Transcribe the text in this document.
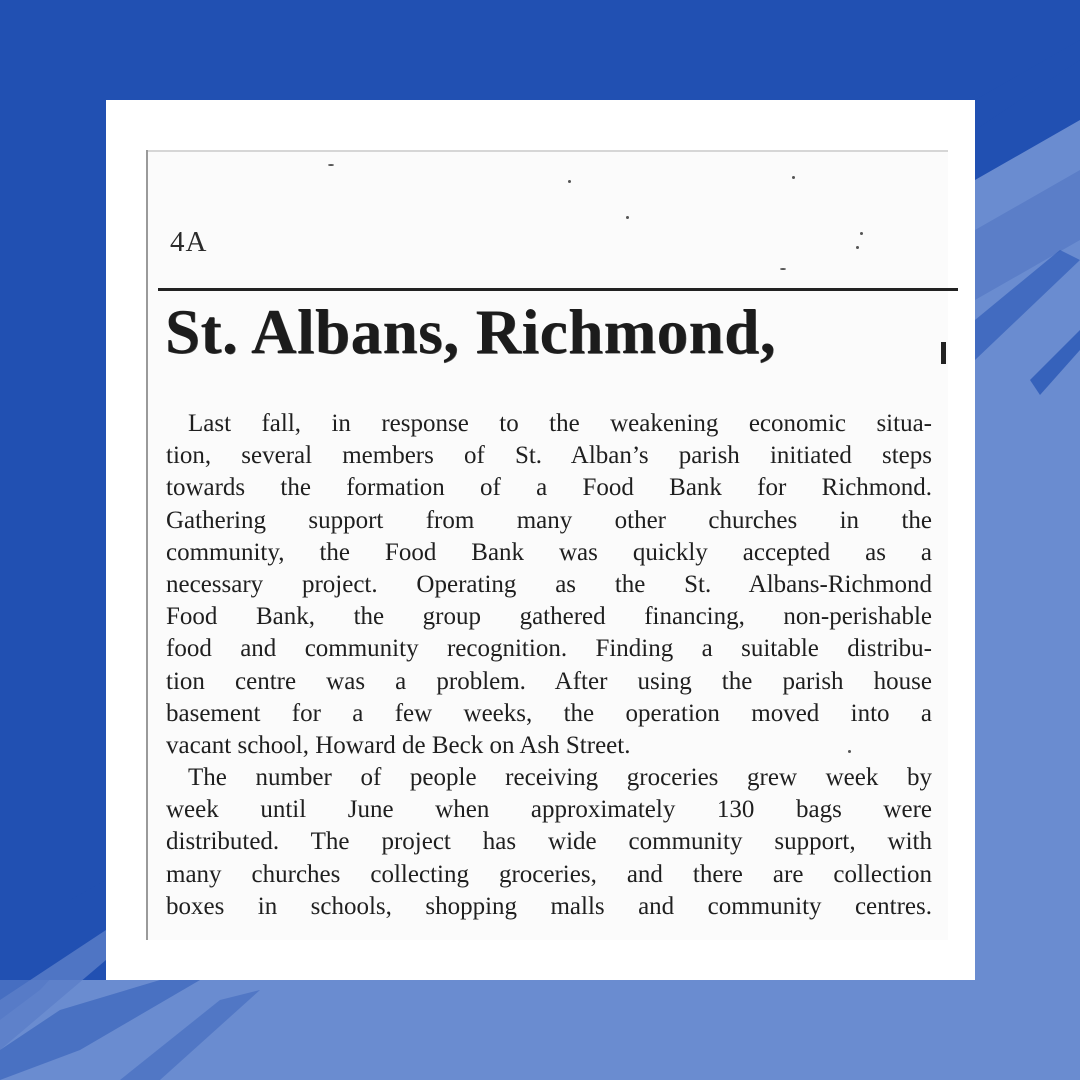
4A
St. Albans, Richmond,
Last fall, in response to the weakening economic situa-
tion, several members of St. Alban’s parish initiated steps
towards the formation of a Food Bank for Richmond.
Gathering support from many other churches in the
community, the Food Bank was quickly accepted as a
necessary project. Operating as the St. Albans-Richmond
Food Bank, the group gathered financing, non-perishable
food and community recognition. Finding a suitable distribu-
tion centre was a problem. After using the parish house
basement for a few weeks, the operation moved into a
vacant school, Howard de Beck on Ash Street.
The number of people receiving groceries grew week by
week until June when approximately 130 bags were
distributed. The project has wide community support, with
many churches collecting groceries, and there are collection
boxes in schools, shopping malls and community centres.
